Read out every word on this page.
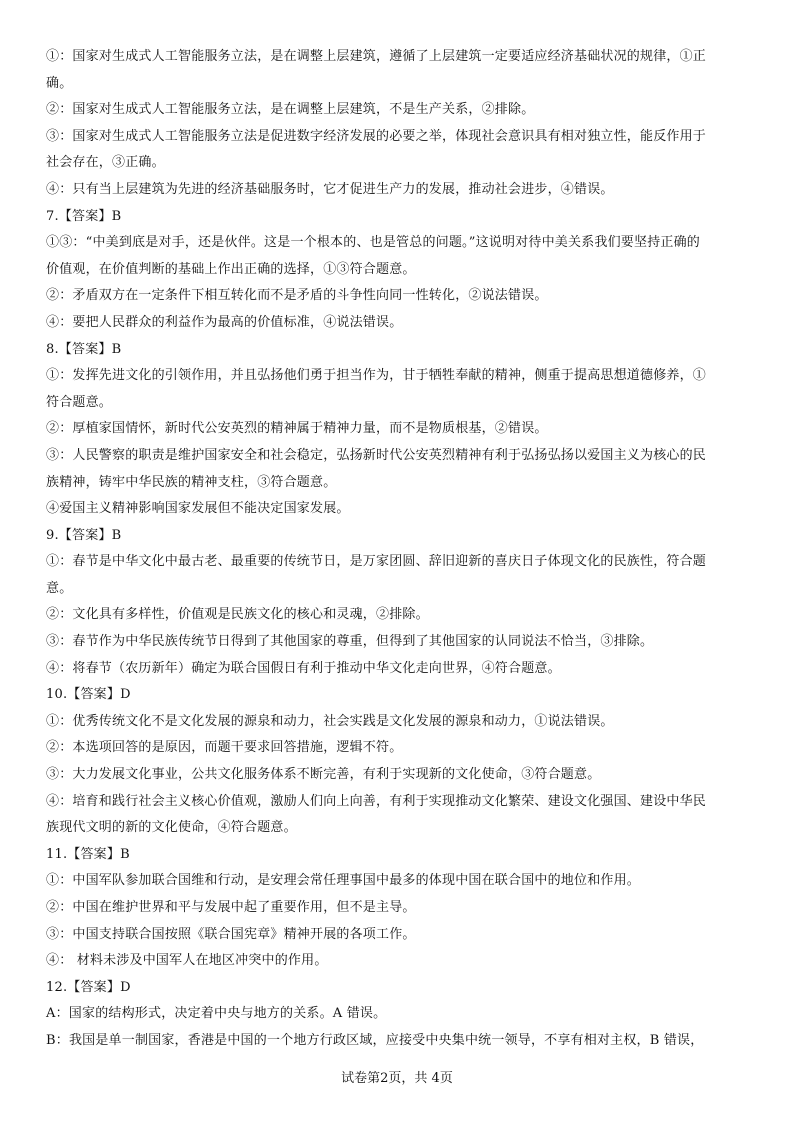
①：国家对生成式人工智能服务立法，是在调整上层建筑，遵循了上层建筑一定要适应经济基础状况的规律，①正
确。
②：国家对生成式人工智能服务立法，是在调整上层建筑，不是生产关系，②排除。
③：国家对生成式人工智能服务立法是促进数字经济发展的必要之举，体现社会意识具有相对独立性，能反作用于
社会存在，③正确。
④：只有当上层建筑为先进的经济基础服务时，它才促进生产力的发展，推动社会进步，④错误。
7.【答案】B
①③：“中美到底是对手，还是伙伴。这是一个根本的、也是管总的问题。”这说明对待中美关系我们要坚持正确的
价值观，在价值判断的基础上作出正确的选择，①③符合题意。
②：矛盾双方在一定条件下相互转化而不是矛盾的斗争性向同一性转化，②说法错误。
④：要把人民群众的利益作为最高的价值标准，④说法错误。
8.【答案】B
①：发挥先进文化的引领作用，并且弘扬他们勇于担当作为，甘于牺牲奉献的精神，侧重于提高思想道德修养，①
符合题意。
②：厚植家国情怀，新时代公安英烈的精神属于精神力量，而不是物质根基，②错误。
③：人民警察的职责是维护国家安全和社会稳定，弘扬新时代公安英烈精神有利于弘扬弘扬以爱国主义为核心的民
族精神，铸牢中华民族的精神支柱，③符合题意。
④爱国主义精神影响国家发展但不能决定国家发展。
9.【答案】B
①：春节是中华文化中最古老、最重要的传统节日，是万家团圆、辞旧迎新的喜庆日子体现文化的民族性，符合题
意。
②：文化具有多样性，价值观是民族文化的核心和灵魂，②排除。
③：春节作为中华民族传统节日得到了其他国家的尊重，但得到了其他国家的认同说法不恰当，③排除。
④：将春节（农历新年）确定为联合国假日有利于推动中华文化走向世界，④符合题意。
10.【答案】D
①：优秀传统文化不是文化发展的源泉和动力，社会实践是文化发展的源泉和动力，①说法错误。
②：本选项回答的是原因，而题干要求回答措施，逻辑不符。
③：大力发展文化事业，公共文化服务体系不断完善，有利于实现新的文化使命，③符合题意。
④：培育和践行社会主义核心价值观，激励人们向上向善，有利于实现推动文化繁荣、建设文化强国、建设中华民
族现代文明的新的文化使命，④符合题意。
11.【答案】B
①：中国军队参加联合国维和行动，是安理会常任理事国中最多的体现中国在联合国中的地位和作用。
②：中国在维护世界和平与发展中起了重要作用，但不是主导。
③：中国支持联合国按照《联合国宪章》精神开展的各项工作。
④： 材料未涉及中国军人在地区冲突中的作用。
12.【答案】D
A：国家的结构形式，决定着中央与地方的关系。A 错误。
B：我国是单一制国家，香港是中国的一个地方行政区域，应接受中央集中统一领导，不享有相对主权，B 错误，
试卷第2页，共 4页
